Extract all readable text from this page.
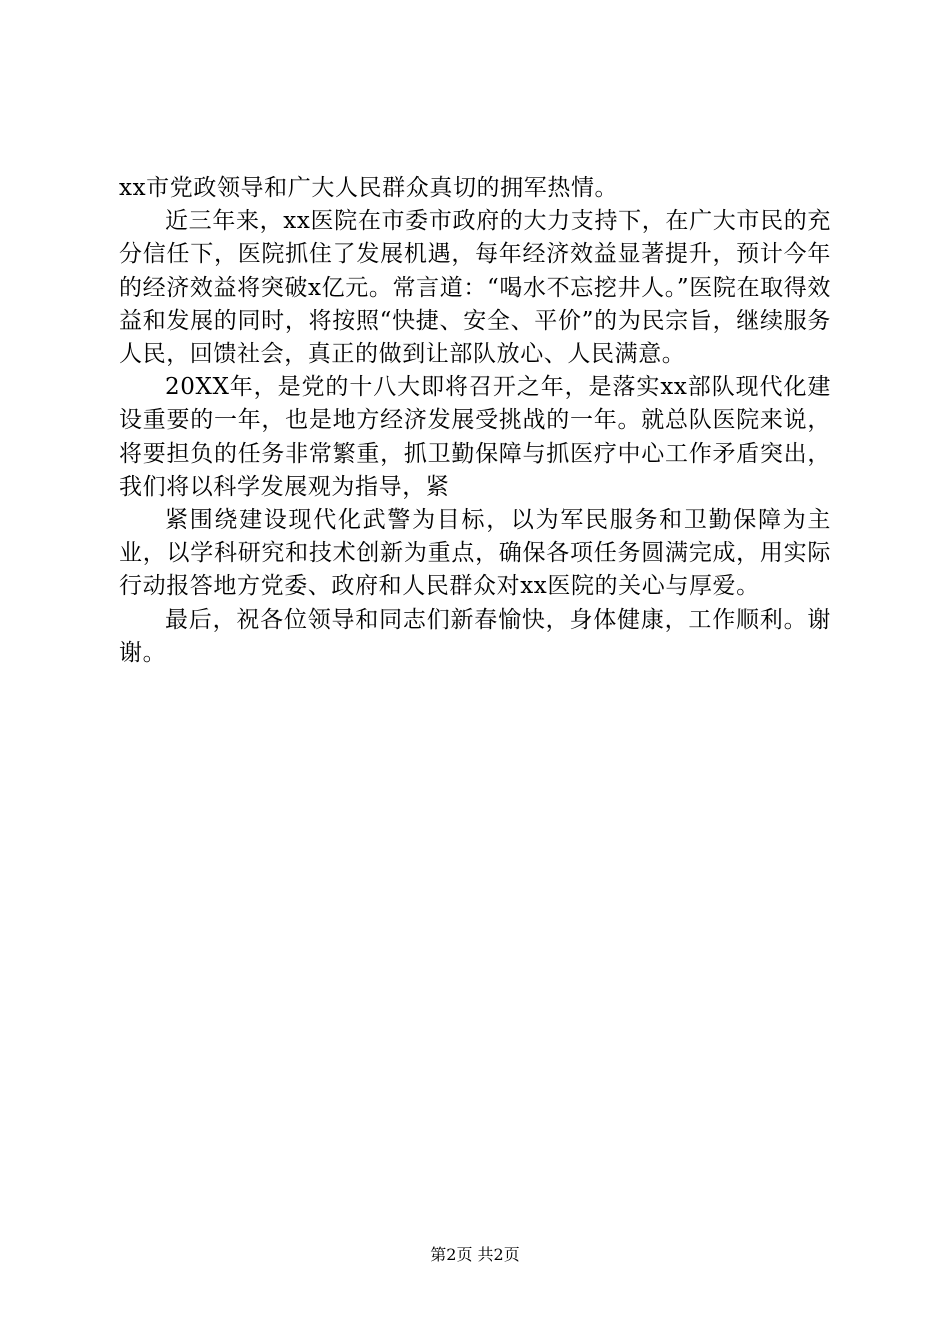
xx市党政领导和广大人民群众真切的拥军热情。

近三年来，xx医院在市委市政府的大力支持下，在广大市民的充分信任下，医院抓住了发展机遇，每年经济效益显著提升，预计今年的经济效益将突破x亿元。常言道：“喝水不忘挖井人。”医院在取得效益和发展的同时，将按照“快捷、安全、平价”的为民宗旨，继续服务人民，回馈社会，真正的做到让部队放心、人民满意。

20XX年，是党的十八大即将召开之年，是落实xx部队现代化建设重要的一年，也是地方经济发展受挑战的一年。就总队医院来说，将要担负的任务非常繁重，抓卫勤保障与抓医疗中心工作矛盾突出，我们将以科学发展观为指导，紧

紧围绕建设现代化武警为目标，以为军民服务和卫勤保障为主业，以学科研究和技术创新为重点，确保各项任务圆满完成，用实际行动报答地方党委、政府和人民群众对xx医院的关心与厚爱。

最后，祝各位领导和同志们新春愉快，身体健康，工作顺利。谢谢。

第2页 共2页
